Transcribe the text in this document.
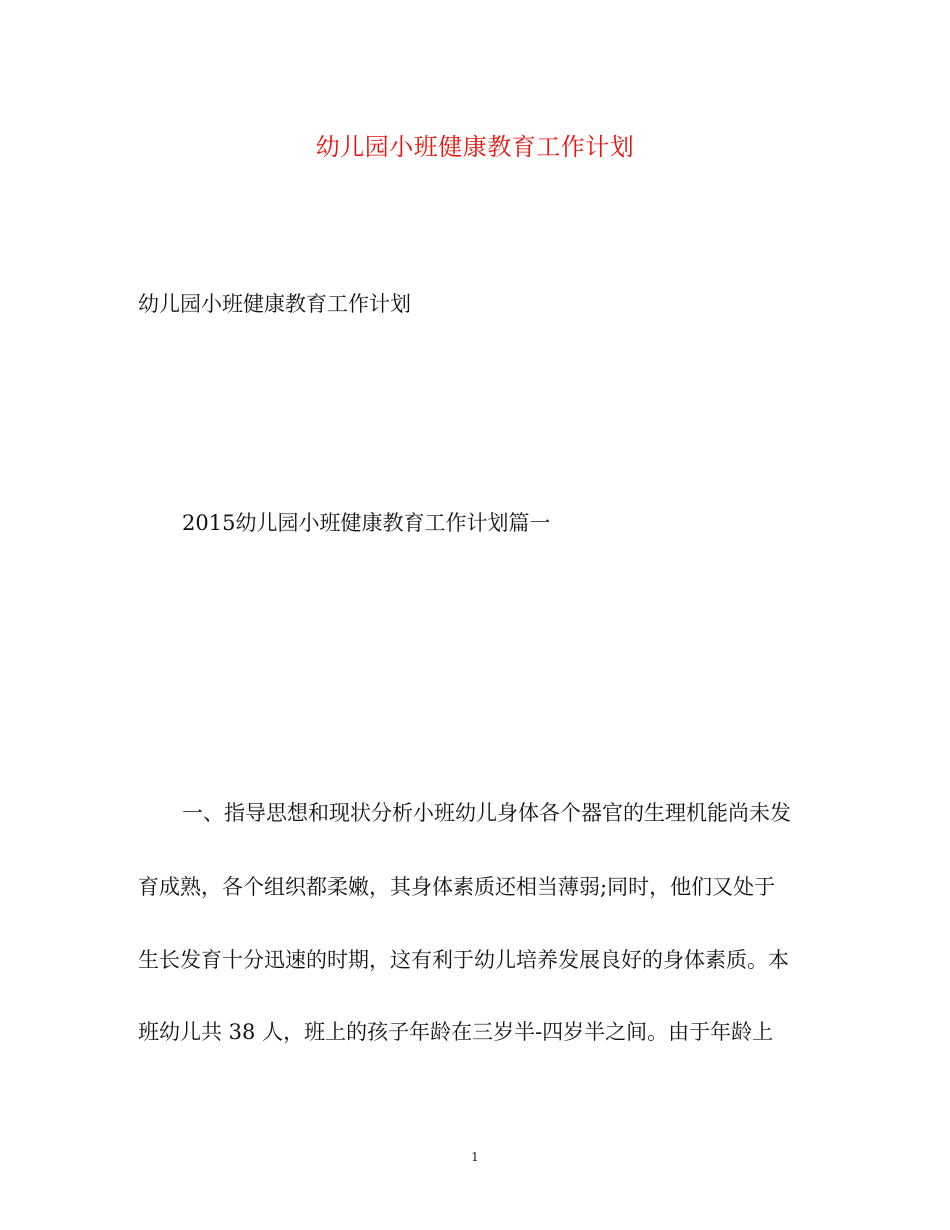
幼儿园小班健康教育工作计划
幼儿园小班健康教育工作计划
2015幼儿园小班健康教育工作计划篇一
一、指导思想和现状分析小班幼儿身体各个器官的生理机能尚未发
育成熟，各个组织都柔嫩，其身体素质还相当薄弱;同时，他们又处于
生长发育十分迅速的时期，这有利于幼儿培养发展良好的身体素质。本
班幼儿共 38 人，班上的孩子年龄在三岁半-四岁半之间。由于年龄上
1
